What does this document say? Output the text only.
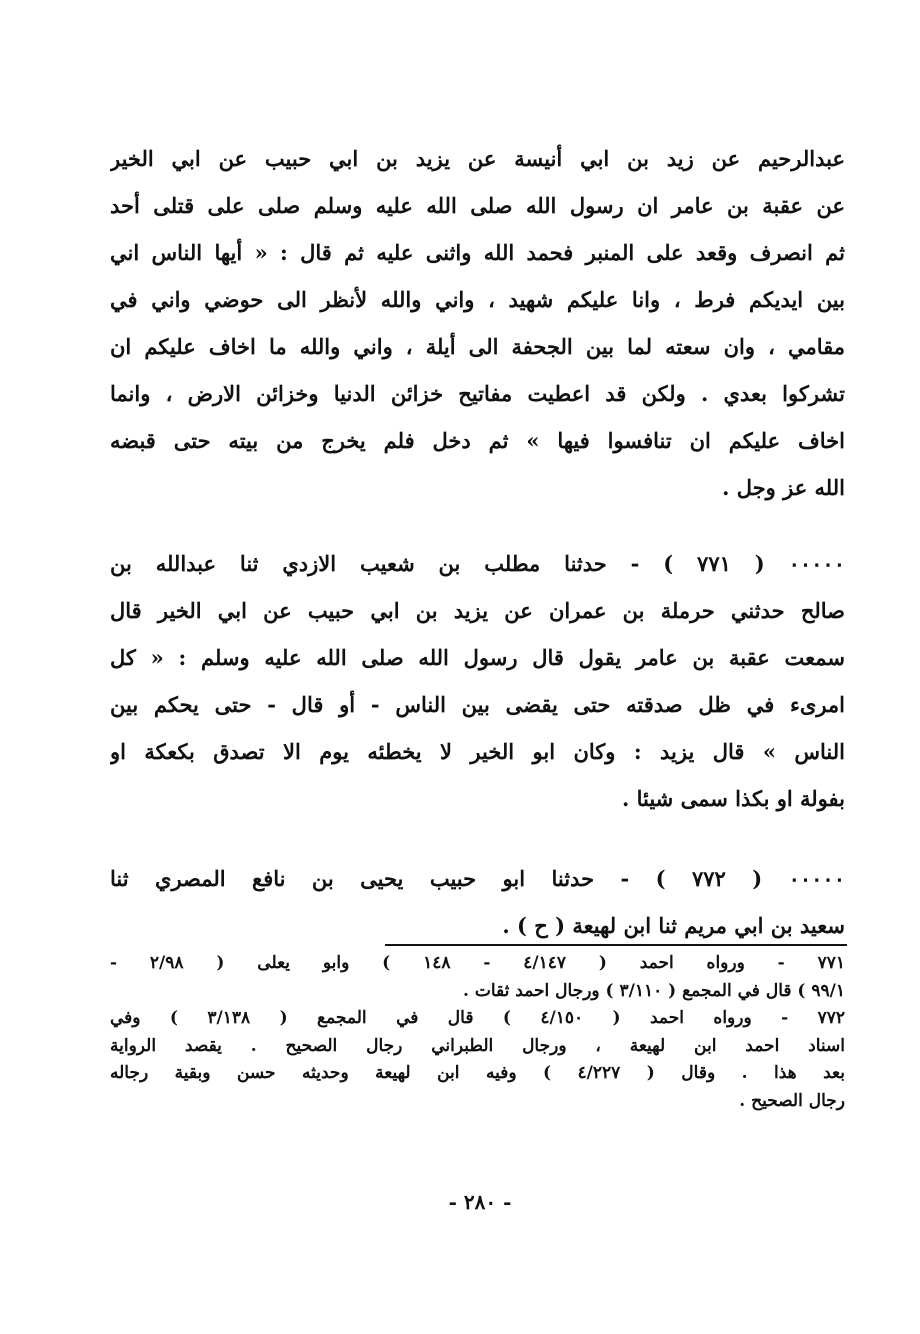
عبدالرحيم عن زيد بن ابي أنيسة عن يزيد بن ابي حبيب عن ابي الخير
عن عقبة بن عامر ان رسول الله صلى الله عليه وسلم صلى على قتلى أحد
ثم انصرف وقعد على المنبر فحمد الله واثنى عليه ثم قال : « أيها الناس اني
بين ايديكم فرط ، وانا عليكم شهيد ، واني والله لأنظر الى حوضي واني في
مقامي ، وان سعته لما بين الجحفة الى أيلة ، واني والله ما اخاف عليكم ان
تشركوا بعدي . ولكن قد اعطيت مفاتيح خزائن الدنيا وخزائن الارض ، وانما
اخاف عليكم ان تنافسوا فيها » ثم دخل فلم يخرج من بيته حتى قبضه
الله عز وجل .
٠٠٠٠٠ ( ٧٧١ ) - حدثنا مطلب بن شعيب الازدي ثنا عبدالله بن
صالح حدثني حرملة بن عمران عن يزيد بن ابي حبيب عن ابي الخير قال
سمعت عقبة بن عامر يقول قال رسول الله صلى الله عليه وسلم : « كل
امرىء في ظل صدقته حتى يقضى بين الناس - أو قال - حتى يحكم بين
الناس » قال يزيد : وكان ابو الخير لا يخطئه يوم الا تصدق بكعكة او
بفولة او بكذا سمى شيئا .
٠٠٠٠٠ ( ٧٧٢ ) - حدثنا ابو حبيب يحيى بن نافع المصري ثنا
سعيد بن ابي مريم ثنا ابن لهيعة ( ح ) .
٧٧١ - ورواه احمد ( ٤/١٤٧ - ١٤٨ ) وابو يعلى ( ٢/٩٨ -
٩٩/١ ) قال في المجمع ( ٣/١١٠ ) ورجال احمد ثقات .
٧٧٢ - ورواه احمد ( ٤/١٥٠ ) قال في المجمع ( ٣/١٣٨ ) وفي
اسناد احمد ابن لهيعة ، ورجال الطبراني رجال الصحيح . يقصد الرواية
بعد هذا . وقال ( ٤/٢٢٧ ) وفيه ابن لهيعة وحديثه حسن وبقية رجاله
رجال الصحيح .
- ٢٨٠ -
